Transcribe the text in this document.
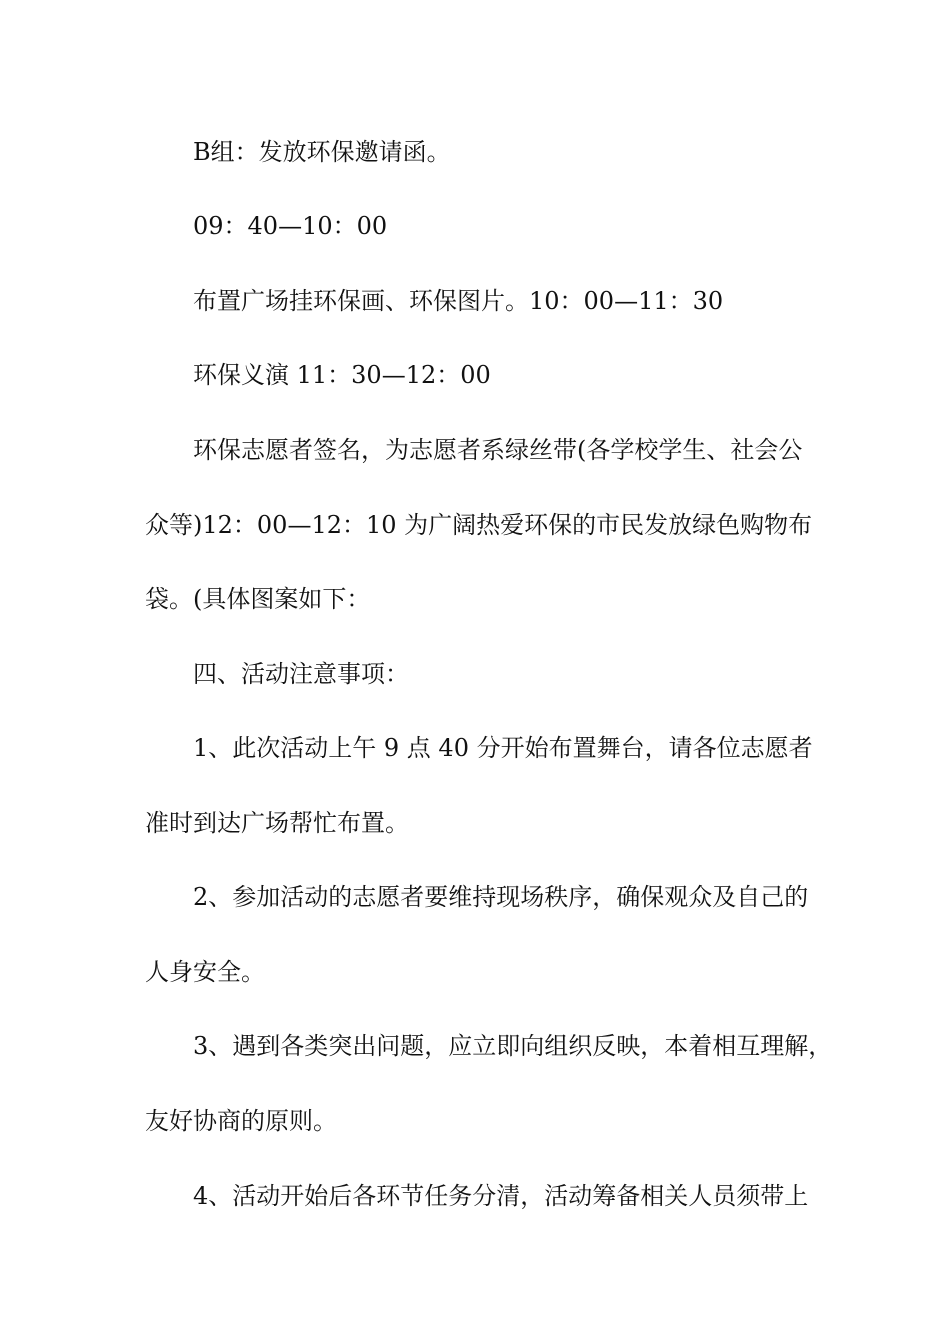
B组：发放环保邀请函。

09：40—10：00

布置广场挂环保画、环保图片。10：00—11：30

环保义演 11：30—12：00

环保志愿者签名，为志愿者系绿丝带(各学校学生、社会公
众等)12：00—12：10 为广阔热爱环保的市民发放绿色购物布
袋。(具体图案如下：

四、活动注意事项：

1、此次活动上午 9 点 40 分开始布置舞台，请各位志愿者
准时到达广场帮忙布置。

2、参加活动的志愿者要维持现场秩序，确保观众及自己的
人身安全。

3、遇到各类突出问题，应立即向组织反映，本着相互理解，
友好协商的原则。

4、活动开始后各环节任务分清，活动筹备相关人员须带上
